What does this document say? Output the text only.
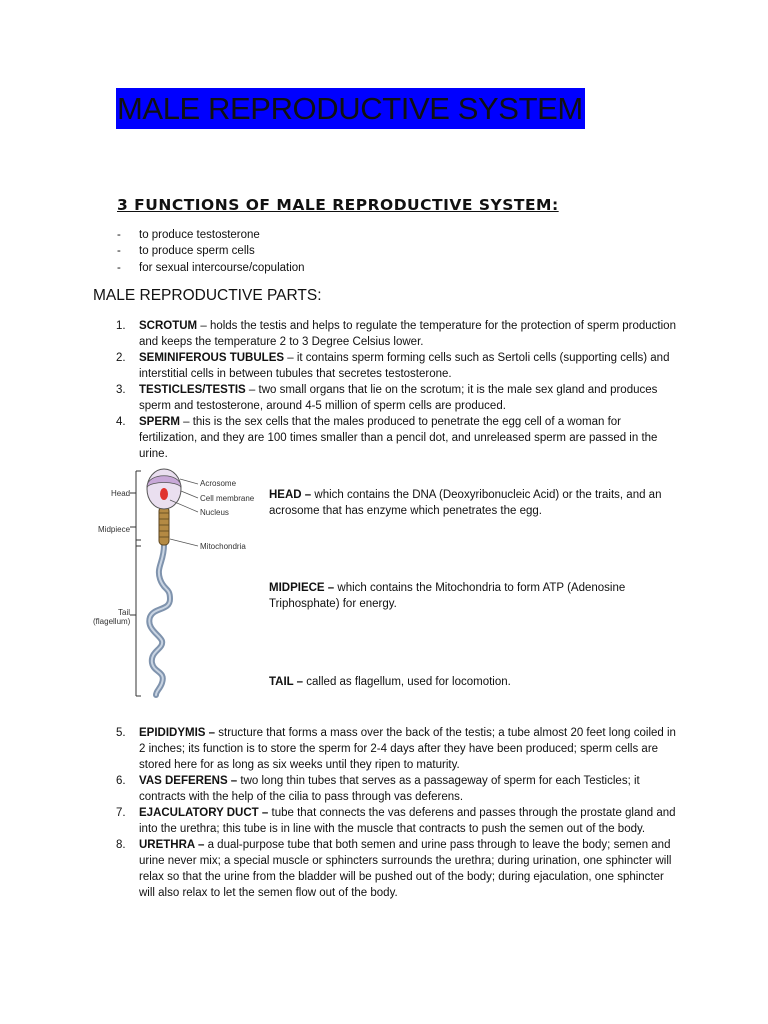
MALE REPRODUCTIVE SYSTEM
3 FUNCTIONS OF MALE REPRODUCTIVE SYSTEM:
- to produce testosterone
- to produce sperm cells
- for sexual intercourse/copulation
MALE REPRODUCTIVE PARTS:
1. SCROTUM – holds the testis and helps to regulate the temperature for the protection of sperm production and keeps the temperature 2 to 3 Degree Celsius lower.
2. SEMINIFEROUS TUBULES – it contains sperm forming cells such as Sertoli cells (supporting cells) and interstitial cells in between tubules that secretes testosterone.
3. TESTICLES/TESTIS – two small organs that lie on the scrotum; it is the male sex gland and produces sperm and testosterone, around 4-5 million of sperm cells are produced.
4. SPERM – this is the sex cells that the males produced to penetrate the egg cell of a woman for fertilization, and they are 100 times smaller than a pencil dot, and unreleased sperm are passed in the urine.
Head
Midpiece
Tail
(flagellum)
Acrosome
Cell membrane
Nucleus
Mitochondria
HEAD – which contains the DNA (Deoxyribonucleic Acid) or the traits, and an acrosome that has enzyme which penetrates the egg.
MIDPIECE – which contains the Mitochondria to form ATP (Adenosine Triphosphate) for energy.
TAIL – called as flagellum, used for locomotion.
5. EPIDIDYMIS – structure that forms a mass over the back of the testis; a tube almost 20 feet long coiled in 2 inches; its function is to store the sperm for 2-4 days after they have been produced; sperm cells are stored here for as long as six weeks until they ripen to maturity.
6. VAS DEFERENS – two long thin tubes that serves as a passageway of sperm for each Testicles; it contracts with the help of the cilia to pass through vas deferens.
7. EJACULATORY DUCT – tube that connects the vas deferens and passes through the prostate gland and into the urethra; this tube is in line with the muscle that contracts to push the semen out of the body.
8. URETHRA – a dual-purpose tube that both semen and urine pass through to leave the body; semen and urine never mix; a special muscle or sphincters surrounds the urethra; during urination, one sphincter will relax so that the urine from the bladder will be pushed out of the body; during ejaculation, one sphincter will also relax to let the semen flow out of the body.
